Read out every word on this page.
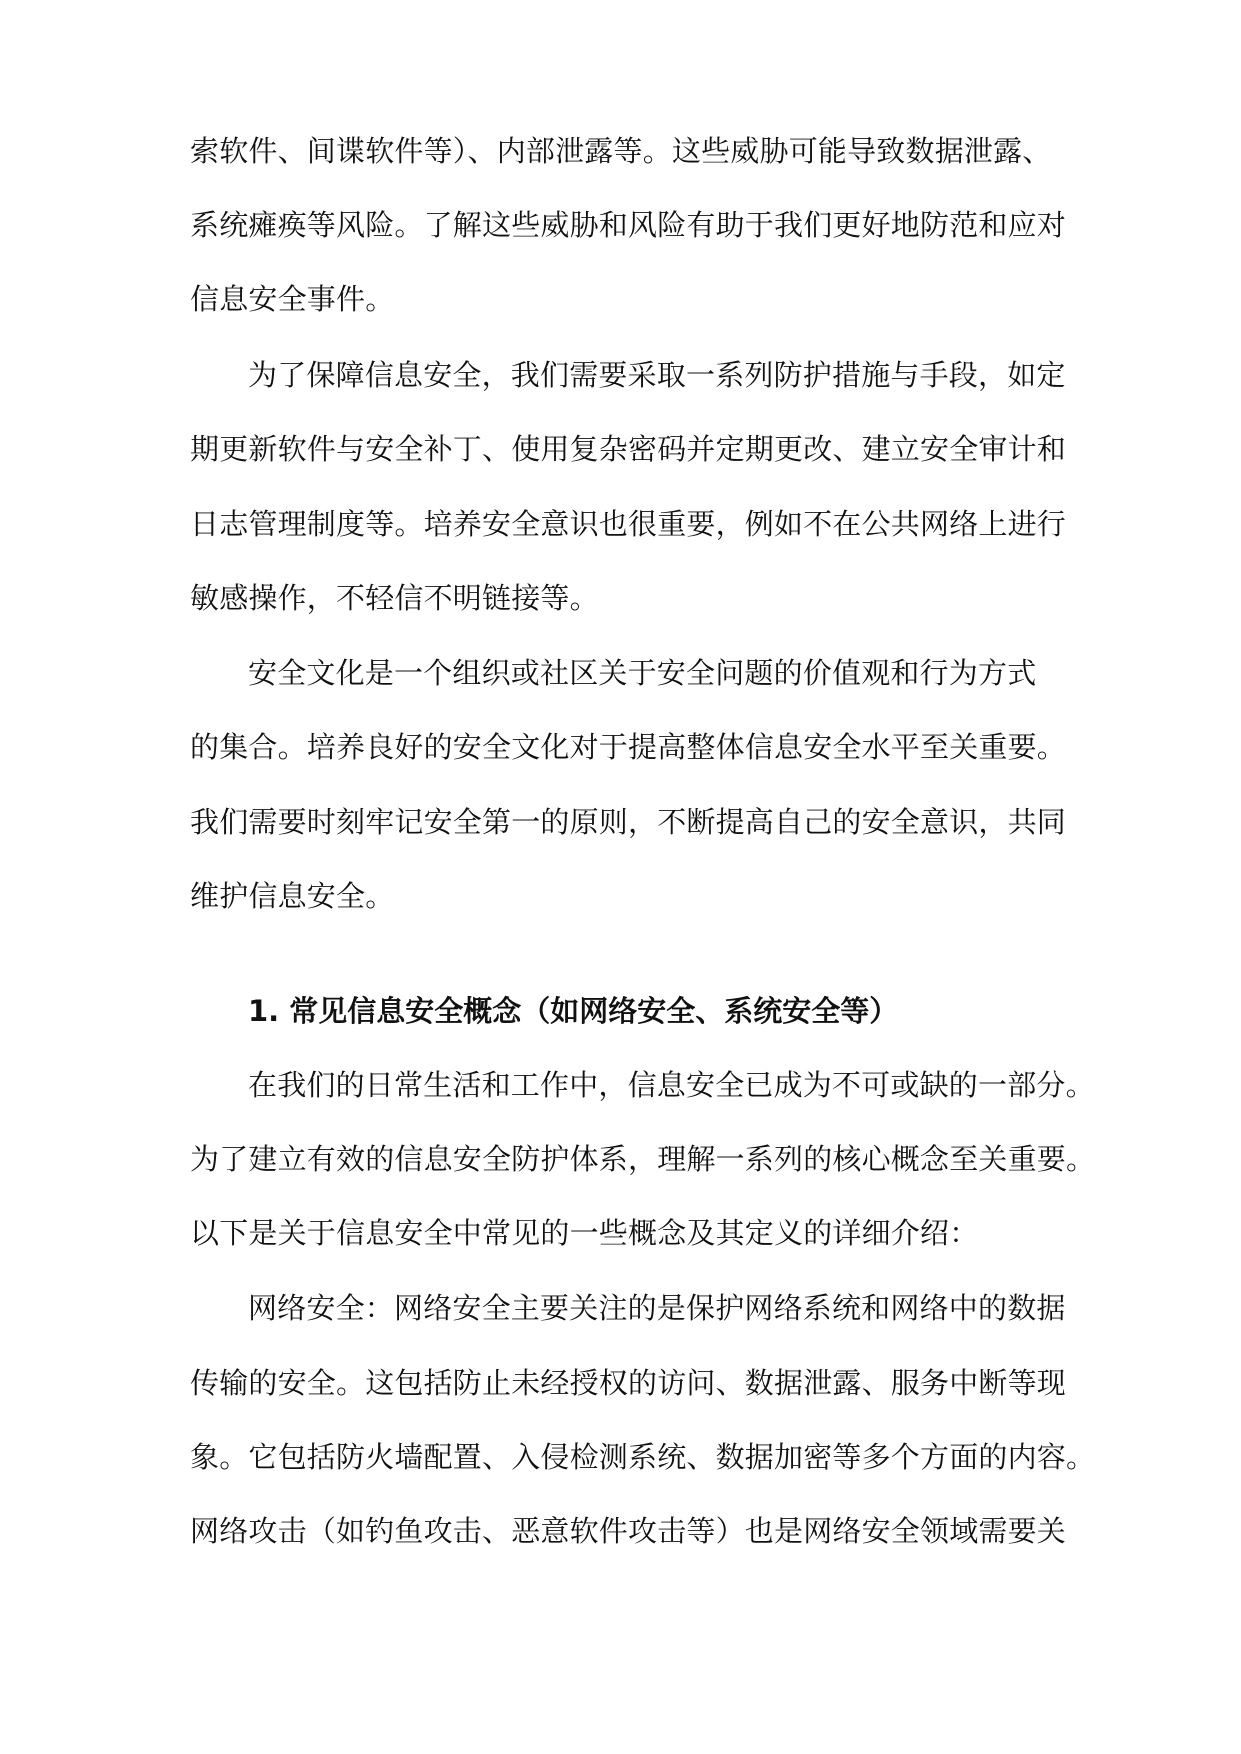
索软件、间谍软件等）、内部泄露等。这些威胁可能导致数据泄露、
系统瘫痪等风险。了解这些威胁和风险有助于我们更好地防范和应对
信息安全事件。
为了保障信息安全，我们需要采取一系列防护措施与手段，如定
期更新软件与安全补丁、使用复杂密码并定期更改、建立安全审计和
日志管理制度等。培养安全意识也很重要，例如不在公共网络上进行
敏感操作，不轻信不明链接等。
安全文化是一个组织或社区关于安全问题的价值观和行为方式
的集合。培养良好的安全文化对于提高整体信息安全水平至关重要。
我们需要时刻牢记安全第一的原则，不断提高自己的安全意识，共同
维护信息安全。
1. 常见信息安全概念（如网络安全、系统安全等）
在我们的日常生活和工作中，信息安全已成为不可或缺的一部分。
为了建立有效的信息安全防护体系，理解一系列的核心概念至关重要。
以下是关于信息安全中常见的一些概念及其定义的详细介绍：
网络安全：网络安全主要关注的是保护网络系统和网络中的数据
传输的安全。这包括防止未经授权的访问、数据泄露、服务中断等现
象。它包括防火墙配置、入侵检测系统、数据加密等多个方面的内容。
网络攻击（如钓鱼攻击、恶意软件攻击等）也是网络安全领域需要关
